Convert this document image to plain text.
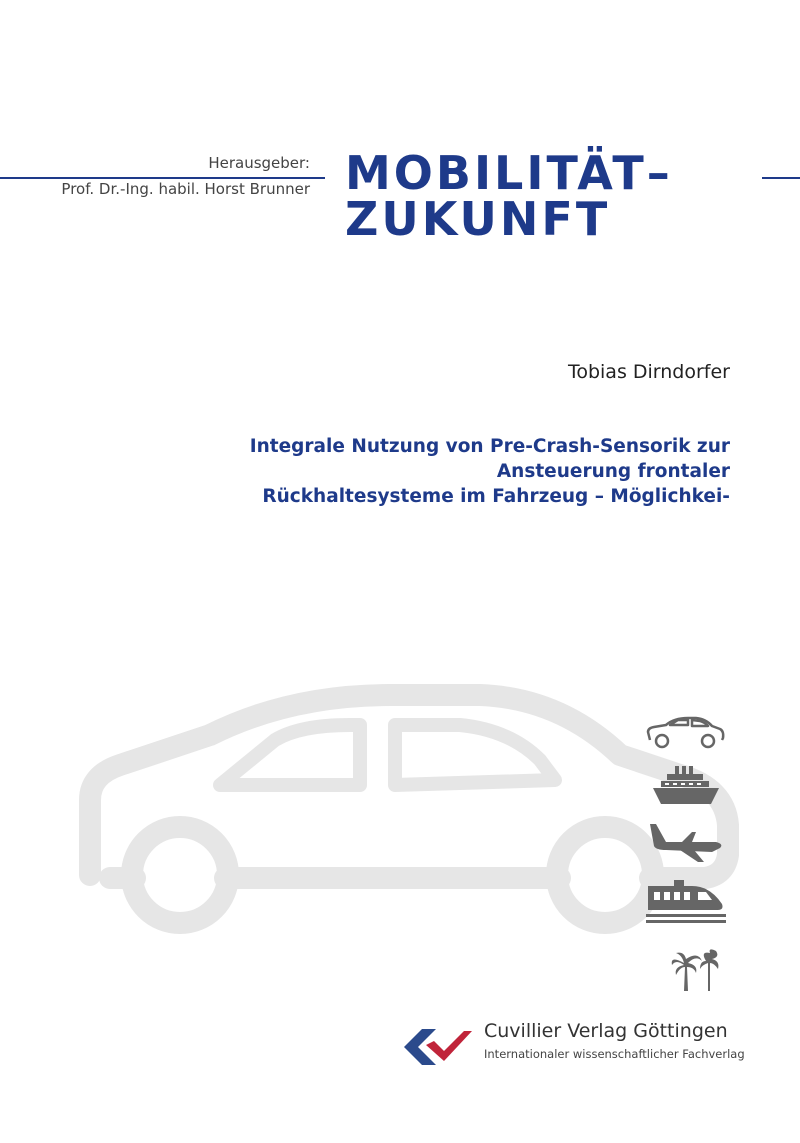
Herausgeber:
Prof. Dr.-Ing. habil. Horst Brunner MOBILITÄT–
ZUKUNFT
Tobias Dirndorfer
Integrale Nutzung von Pre-Crash-Sensorik zur
Ansteuerung frontaler
Rückhaltesysteme im Fahrzeug – Möglichkei-
Cuvillier Verlag Göttingen
Internationaler wissenschaftlicher Fachverlag
